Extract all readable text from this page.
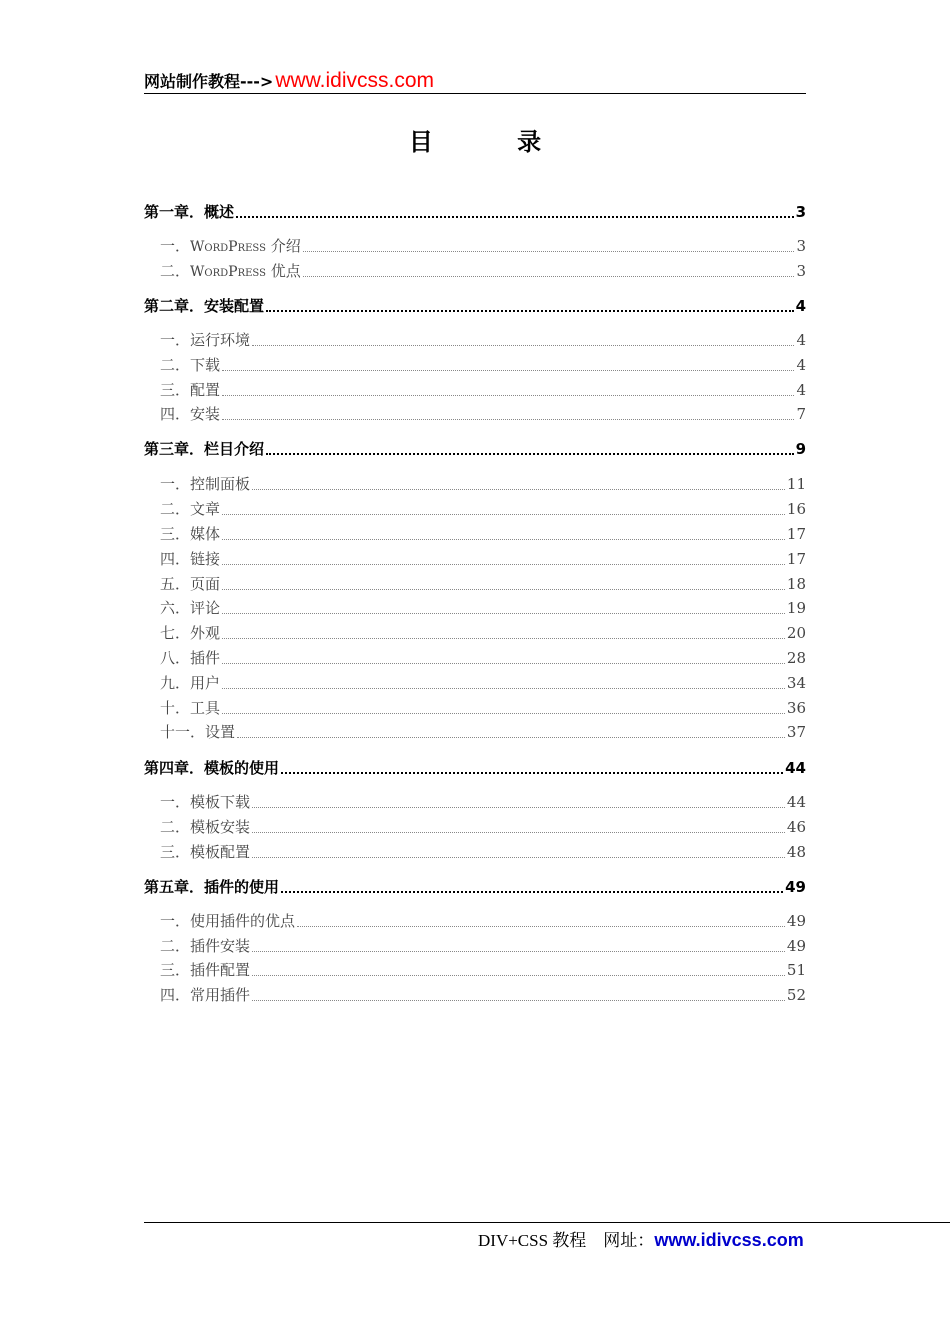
网站制作教程---> www.idivcss.com
目 录
第一章．概述	3
一． WordPress 介绍	3
二． WordPress 优点	3
第二章．安装配置	4
一． 运行环境	4
二． 下载	4
三． 配置	4
四． 安装	7
第三章．栏目介绍	9
一． 控制面板	11
二． 文章	16
三． 媒体	17
四． 链接	17
五． 页面	18
六． 评论	19
七． 外观	20
八． 插件	28
九． 用户	34
十． 工具	36
十一． 设置	37
第四章．模板的使用	44
一． 模板下载	44
二． 模板安装	46
三． 模板配置	48
第五章．插件的使用	49
一． 使用插件的优点	49
二． 插件安装	49
三． 插件配置	51
四． 常用插件	52
DIV+CSS 教程　网址：www.idivcss.com
